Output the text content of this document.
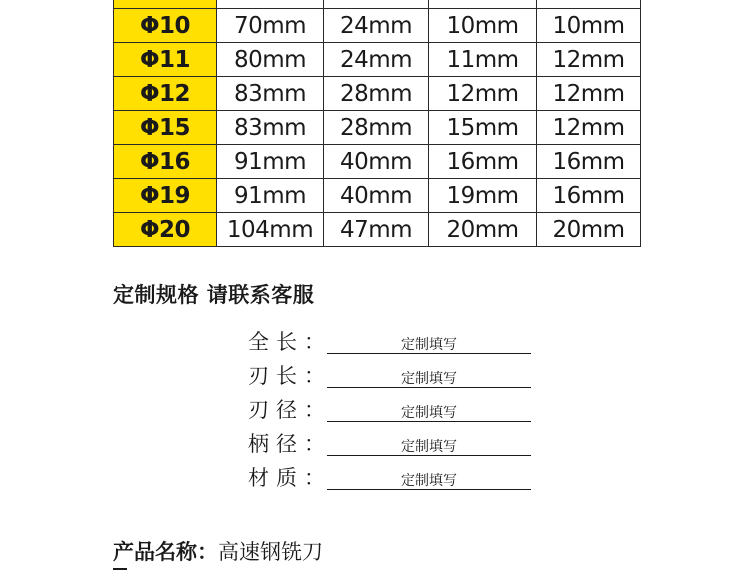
Φ10	70mm	24mm	10mm	10mm
Φ11	80mm	24mm	11mm	12mm
Φ12	83mm	28mm	12mm	12mm
Φ15	83mm	28mm	15mm	12mm
Φ16	91mm	40mm	16mm	16mm
Φ19	91mm	40mm	19mm	16mm
Φ20	104mm	47mm	20mm	20mm
定制规格 请联系客服
全长：	定制填写
刃长：	定制填写
刃径：	定制填写
柄径：	定制填写
材质：	定制填写
产品名称：高速钢铣刀
